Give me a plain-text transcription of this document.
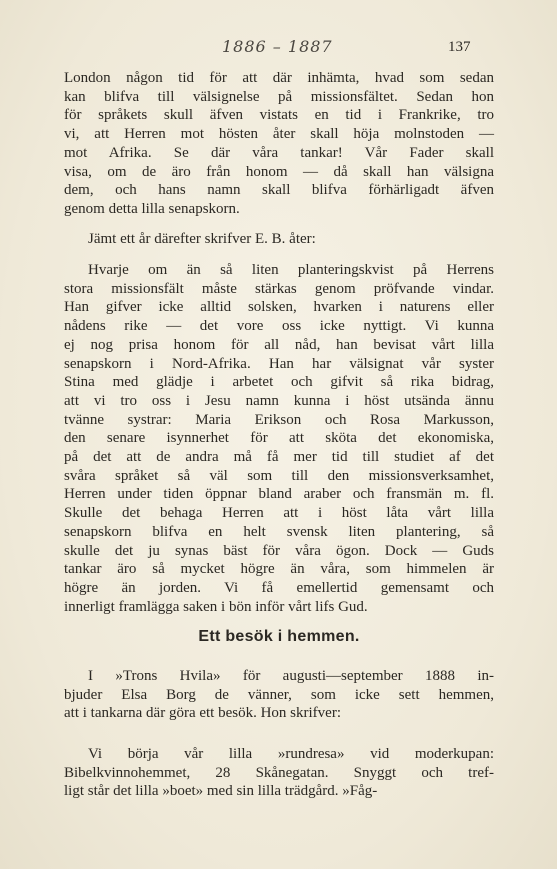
1886 – 1887	137
London någon tid för att där inhämta, hvad som sedan
kan blifva till välsignelse på missionsfältet. Sedan hon
för språkets skull äfven vistats en tid i Frankrike, tro
vi, att Herren mot hösten åter skall höja molnstoden —
mot Afrika. Se där våra tankar! Vår Fader skall
visa, om de äro från honom — då skall han välsigna
dem, och hans namn skall blifva förhärligadt äfven
genom detta lilla senapskorn.

Jämt ett år därefter skrifver E. B. åter:

Hvarje om än så liten planteringskvist på Herrens
stora missionsfält måste stärkas genom pröfvande vindar.
Han gifver icke alltid solsken, hvarken i naturens eller
nådens rike — det vore oss icke nyttigt. Vi kunna
ej nog prisa honom för all nåd, han bevisat vårt lilla
senapskorn i Nord-Afrika. Han har välsignat vår syster
Stina med glädje i arbetet och gifvit så rika bidrag,
att vi tro oss i Jesu namn kunna i höst utsända ännu
tvänne systrar: Maria Erikson och Rosa Markusson,
den senare isynnerhet för att sköta det ekonomiska,
på det att de andra må få mer tid till studiet af det
svåra språket så väl som till den missionsverksamhet,
Herren under tiden öppnar bland araber och fransmän m. fl.
Skulle det behaga Herren att i höst låta vårt lilla
senapskorn blifva en helt svensk liten plantering, så
skulle det ju synas bäst för våra ögon. Dock — Guds
tankar äro så mycket högre än våra, som himmelen är
högre än jorden. Vi få emellertid gemensamt och
innerligt framlägga saken i bön inför vårt lifs Gud.
Ett besök i hemmen.
I »Trons Hvila» för augusti—september 1888 in-
bjuder Elsa Borg de vänner, som icke sett hemmen,
att i tankarna där göra ett besök. Hon skrifver:
Vi börja vår lilla »rundresa» vid moderkupan:
Bibelkvinnohemmet, 28 Skånegatan. Snyggt och tref-
ligt står det lilla »boet» med sin lilla trädgård. »Fåg-
